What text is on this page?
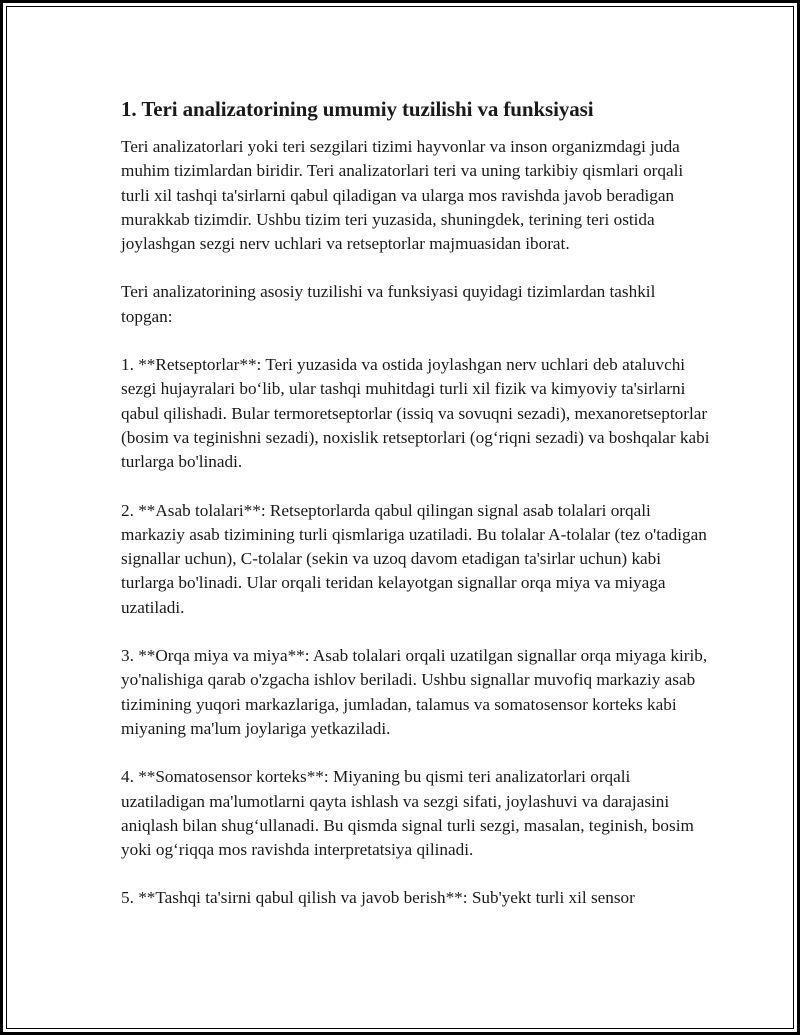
1. Teri analizatorining umumiy tuzilishi va funksiyasi

Teri analizatorlari yoki teri sezgilari tizimi hayvonlar va inson organizmdagi juda muhim tizimlardan biridir. Teri analizatorlari teri va uning tarkibiy qismlari orqali turli xil tashqi ta'sirlarni qabul qiladigan va ularga mos ravishda javob beradigan murakkab tizimdir. Ushbu tizim teri yuzasida, shuningdek, terining teri ostida joylashgan sezgi nerv uchlari va retseptorlar majmuasidan iborat.

Teri analizatorining asosiy tuzilishi va funksiyasi quyidagi tizimlardan tashkil topgan:

1. **Retseptorlar**: Teri yuzasida va ostida joylashgan nerv uchlari deb ataluvchi sezgi hujayralari bo‘lib, ular tashqi muhitdagi turli xil fizik va kimyoviy ta'sirlarni qabul qilishadi. Bular termoretseptorlar (issiq va sovuqni sezadi), mexanoretseptorlar (bosim va teginishni sezadi), noxislik retseptorlari (og‘riqni sezadi) va boshqalar kabi turlarga bo'linadi.

2. **Asab tolalari**: Retseptorlarda qabul qilingan signal asab tolalari orqali markaziy asab tizimining turli qismlariga uzatiladi. Bu tolalar A-tolalar (tez o'tadigan signallar uchun), C-tolalar (sekin va uzoq davom etadigan ta'sirlar uchun) kabi turlarga bo'linadi. Ular orqali teridan kelayotgan signallar orqa miya va miyaga uzatiladi.

3. **Orqa miya va miya**: Asab tolalari orqali uzatilgan signallar orqa miyaga kirib, yo'nalishiga qarab o'zgacha ishlov beriladi. Ushbu signallar muvofiq markaziy asab tizimining yuqori markazlariga, jumladan, talamus va somatosensor korteks kabi miyaning ma'lum joylariga yetkaziladi.

4. **Somatosensor korteks**: Miyaning bu qismi teri analizatorlari orqali uzatiladigan ma'lumotlarni qayta ishlash va sezgi sifati, joylashuvi va darajasini aniqlash bilan shug‘ullanadi. Bu qismda signal turli sezgi, masalan, teginish, bosim yoki og‘riqqa mos ravishda interpretatsiya qilinadi.

5. **Tashqi ta'sirni qabul qilish va javob berish**: Sub'yekt turli xil sensor
